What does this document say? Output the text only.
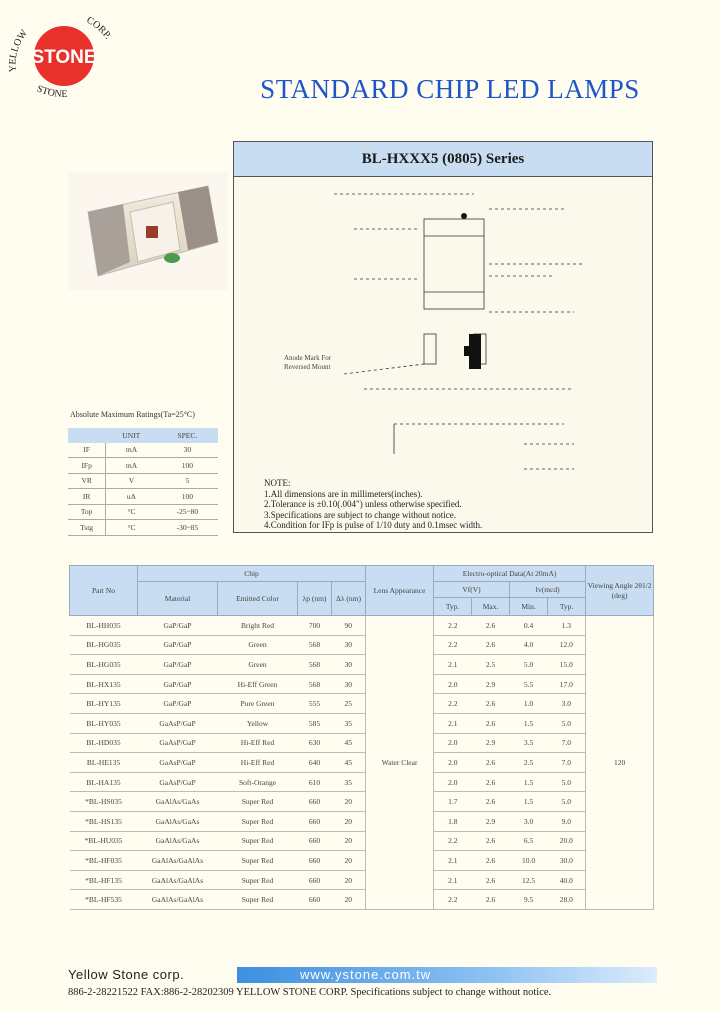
YELLOW
CORP.
STONE
STONE
STANDARD CHIP LED LAMPS
Absolute Maximum Ratings(Ta=25°C)
	UNIT	SPEC.
IF	mA	30
IFp	mA	100
VR	V	5
IR	uA	100
Top	°C	-25~80
Tstg	°C	-30~85
BL-HXXX5 (0805) Series
Anode Mark For
Reversed Mount
NOTE:
1.All dimensions are in millimeters(inches).
2.Tolerance is ±0.10(.004") unless otherwise specified.
3.Specifications are subject to change without notice.
4.Condition for IFp is pulse of 1/10 duty and 0.1msec width.
Part No	Chip				Lens Appearance	Electro-optical Data(At 20mA)				Viewing Angle 2θ1/2 (deg)
	Material	Emitted Color	λp (nm)	Δλ (nm)		Vf(V)		Iv(mcd)		
						Typ.	Max.	Min.	Typ.	
BL-HH035	GaP/GaP	Bright Red	700	90	Water Clear	2.2	2.6	0.4	1.3	120
BL-HG035	GaP/GaP	Green	568	30		2.2	2.6	4.0	12.0	
BL-HG035	GaP/GaP	Green	568	30		2.1	2.5	5.0	15.0	
BL-HX135	GaP/GaP	Hi-Eff Green	568	30		2.0	2.9	5.5	17.0	
BL-HY135	GaP/GaP	Pure Green	555	25		2.2	2.6	1.0	3.0	
BL-HY035	GaAsP/GaP	Yellow	585	35		2.1	2.6	1.5	5.0	
BL-HD035	GaAsP/GaP	Hi-Eff Red	630	45		2.0	2.9	3.5	7.0	
BL-HE135	GaAsP/GaP	Hi-Eff Red	640	45		2.0	2.6	2.5	7.0	
BL-HA135	GaAsP/GaP	Soft-Orange	610	35		2.0	2.6	1.5	5.0	
*BL-HS035	GaAlAs/GaAs	Super Red	660	20		1.7	2.6	1.5	5.0	
*BL-HS135	GaAlAs/GaAs	Super Red	660	20		1.8	2.9	3.0	9.0	
*BL-HU035	GaAlAs/GaAs	Super Red	660	20		2.2	2.6	6.5	20.0	
*BL-HF035	GaAlAs/GaAlAs	Super Red	660	20		2.1	2.6	10.0	30.0	
*BL-HF135	GaAlAs/GaAlAs	Super Red	660	20		2.1	2.6	12.5	40.0	
*BL-HF535	GaAlAs/GaAlAs	Super Red	660	20		2.2	2.6	9.5	28.0	
Yellow Stone corp.	www.ystone.com.tw
886-2-28221522 FAX:886-2-28202309 YELLOW STONE CORP. Specifications subject to change without notice.
